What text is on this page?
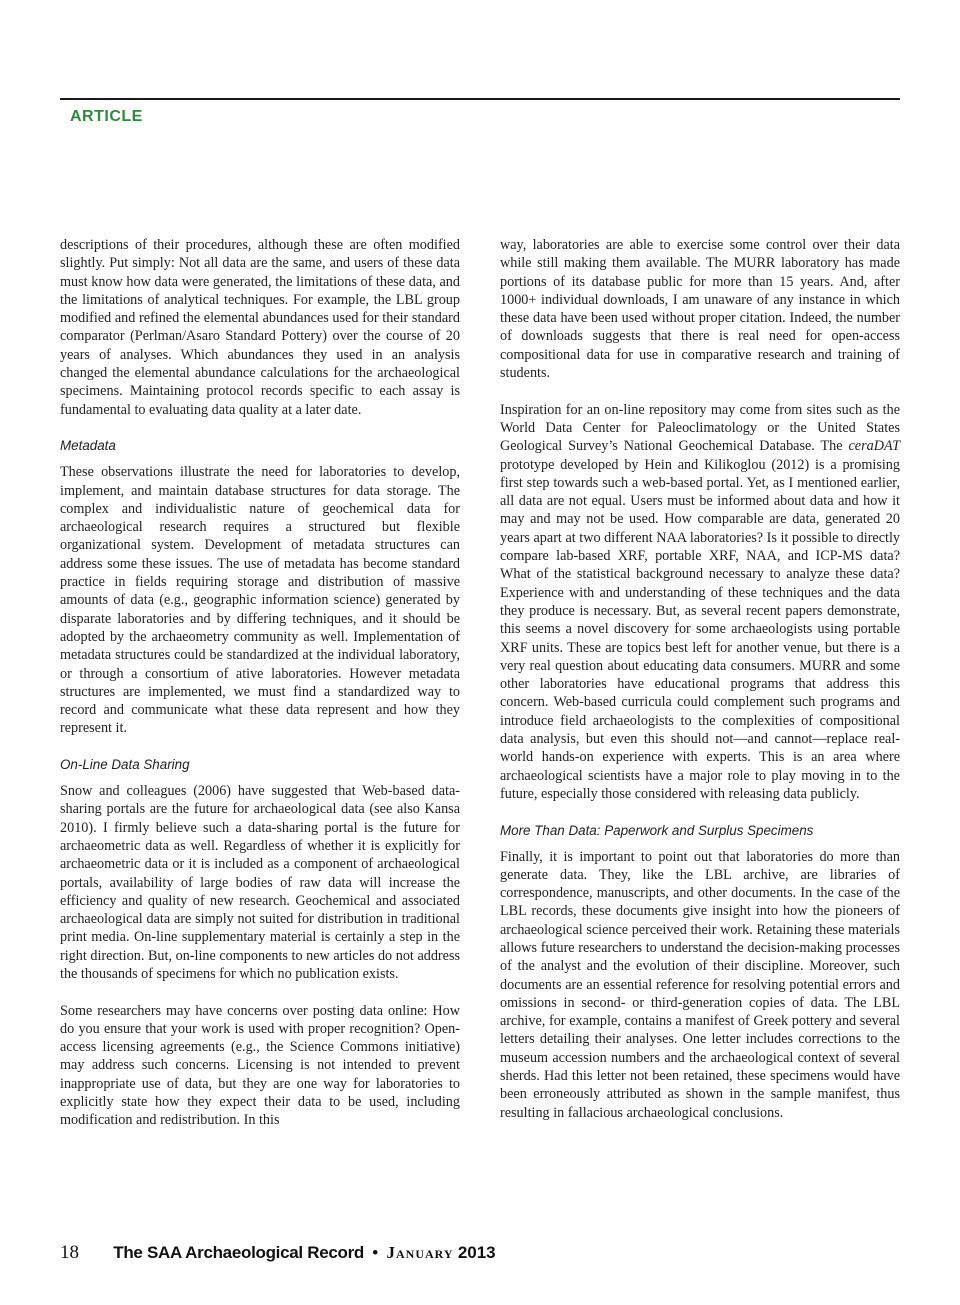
ARTICLE

descriptions of their procedures, although these are often modified slightly. Put simply: Not all data are the same, and users of these data must know how data were generated, the limitations of these data, and the limitations of analytical techniques. For example, the LBL group modified and refined the elemental abundances used for their standard comparator (Perlman/Asaro Standard Pottery) over the course of 20 years of analyses. Which abundances they used in an analysis changed the elemental abundance calculations for the archaeological specimens. Maintaining protocol records specific to each assay is fundamental to evaluating data quality at a later date.

Metadata

These observations illustrate the need for laboratories to develop, implement, and maintain database structures for data storage. The complex and individualistic nature of geochemical data for archaeological research requires a structured but flexible organizational system. Development of metadata structures can address some these issues. The use of metadata has become standard practice in fields requiring storage and distribution of massive amounts of data (e.g., geographic information science) generated by disparate laboratories and by differing techniques, and it should be adopted by the archaeometry community as well. Implementation of metadata structures could be standardized at the individual laboratory, or through a consortium of ative laboratories. However metadata structures are implemented, we must find a standardized way to record and communicate what these data represent and how they represent it.

On-Line Data Sharing

Snow and colleagues (2006) have suggested that Web-based data-sharing portals are the future for archaeological data (see also Kansa 2010). I firmly believe such a data-sharing portal is the future for archaeometric data as well. Regardless of whether it is explicitly for archaeometric data or it is included as a component of archaeological portals, availability of large bodies of raw data will increase the efficiency and quality of new research. Geochemical and associated archaeological data are simply not suited for distribution in traditional print media. On-line supplementary material is certainly a step in the right direction. But, on-line components to new articles do not address the thousands of specimens for which no publication exists.

Some researchers may have concerns over posting data online: How do you ensure that your work is used with proper recognition? Open-access licensing agreements (e.g., the Science Commons initiative) may address such concerns. Licensing is not intended to prevent inappropriate use of data, but they are one way for laboratories to explicitly state how they expect their data to be used, including modification and redistribution. In this

way, laboratories are able to exercise some control over their data while still making them available. The MURR laboratory has made portions of its database public for more than 15 years. And, after 1000+ individual downloads, I am unaware of any instance in which these data have been used without proper citation. Indeed, the number of downloads suggests that there is real need for open-access compositional data for use in comparative research and training of students.

Inspiration for an on-line repository may come from sites such as the World Data Center for Paleoclimatology or the United States Geological Survey’s National Geochemical Database. The ceraDAT prototype developed by Hein and Kilikoglou (2012) is a promising first step towards such a web-based portal. Yet, as I mentioned earlier, all data are not equal. Users must be informed about data and how it may and may not be used. How comparable are data, generated 20 years apart at two different NAA laboratories? Is it possible to directly compare lab-based XRF, portable XRF, NAA, and ICP-MS data? What of the statistical background necessary to analyze these data? Experience with and understanding of these techniques and the data they produce is necessary. But, as several recent papers demonstrate, this seems a novel discovery for some archaeologists using portable XRF units. These are topics best left for another venue, but there is a very real question about educating data consumers. MURR and some other laboratories have educational programs that address this concern. Web-based curricula could complement such programs and introduce field archaeologists to the complexities of compositional data analysis, but even this should not—and cannot—replace real-world hands-on experience with experts. This is an area where archaeological scientists have a major role to play moving in to the future, especially those considered with releasing data publicly.

More Than Data: Paperwork and Surplus Specimens

Finally, it is important to point out that laboratories do more than generate data. They, like the LBL archive, are libraries of correspondence, manuscripts, and other documents. In the case of the LBL records, these documents give insight into how the pioneers of archaeological science perceived their work. Retaining these materials allows future researchers to understand the decision-making processes of the analyst and the evolution of their discipline. Moreover, such documents are an essential reference for resolving potential errors and omissions in second- or third-generation copies of data. The LBL archive, for example, contains a manifest of Greek pottery and several letters detailing their analyses. One letter includes corrections to the museum accession numbers and the archaeological context of several sherds. Had this letter not been retained, these specimens would have been erroneously attributed as shown in the sample manifest, thus resulting in fallacious archaeological conclusions.

18 The SAA Archaeological Record • January 2013
